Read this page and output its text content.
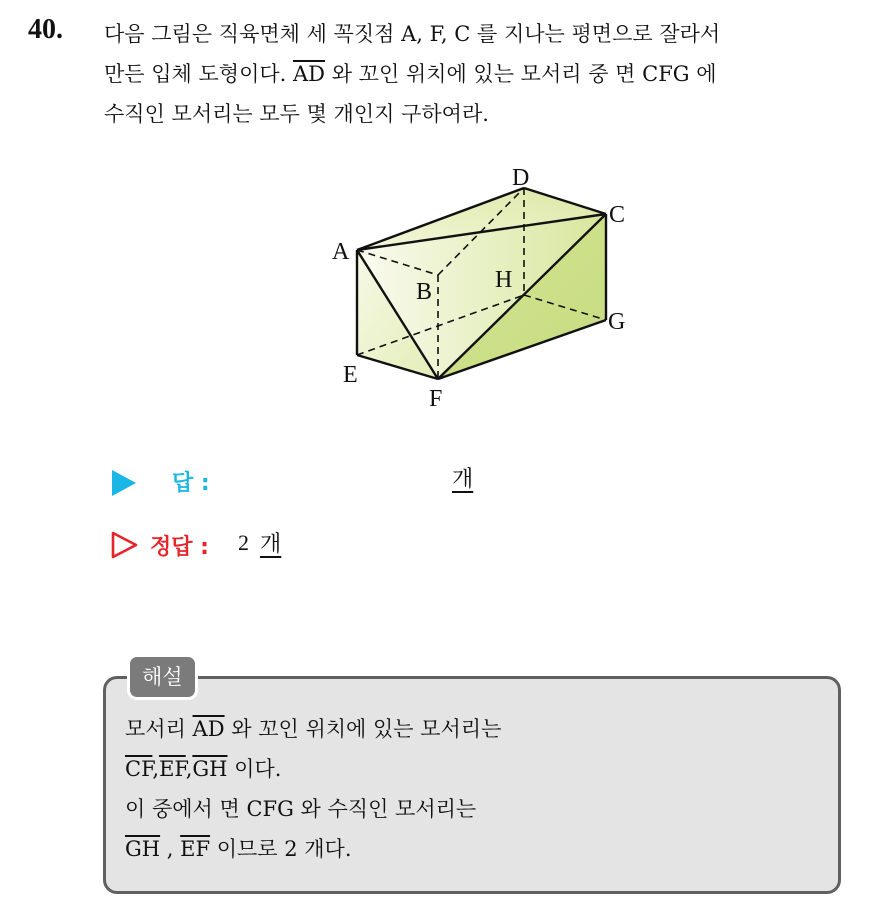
40. 다음 그림은 직육면체 세 꼭짓점 A, F, C 를 지나는 평면으로 잘라서
만든 입체 도형이다. $\overline{AD}$ 와 꼬인 위치에 있는 모서리 중 면 CFG 에
수직인 모서리는 모두 몇 개인지 구하여라.
D
C
A
B	H
G
E
F
답 :	개
정답 : 2 개
해설
모서리 $\overline{AD}$ 와 꼬인 위치에 있는 모서리는
$\overline{CF},\overline{EF},\overline{GH}$ 이다.
이 중에서 면 CFG 와 수직인 모서리는
$\overline{GH}$ , $\overline{EF}$ 이므로 2 개다.
